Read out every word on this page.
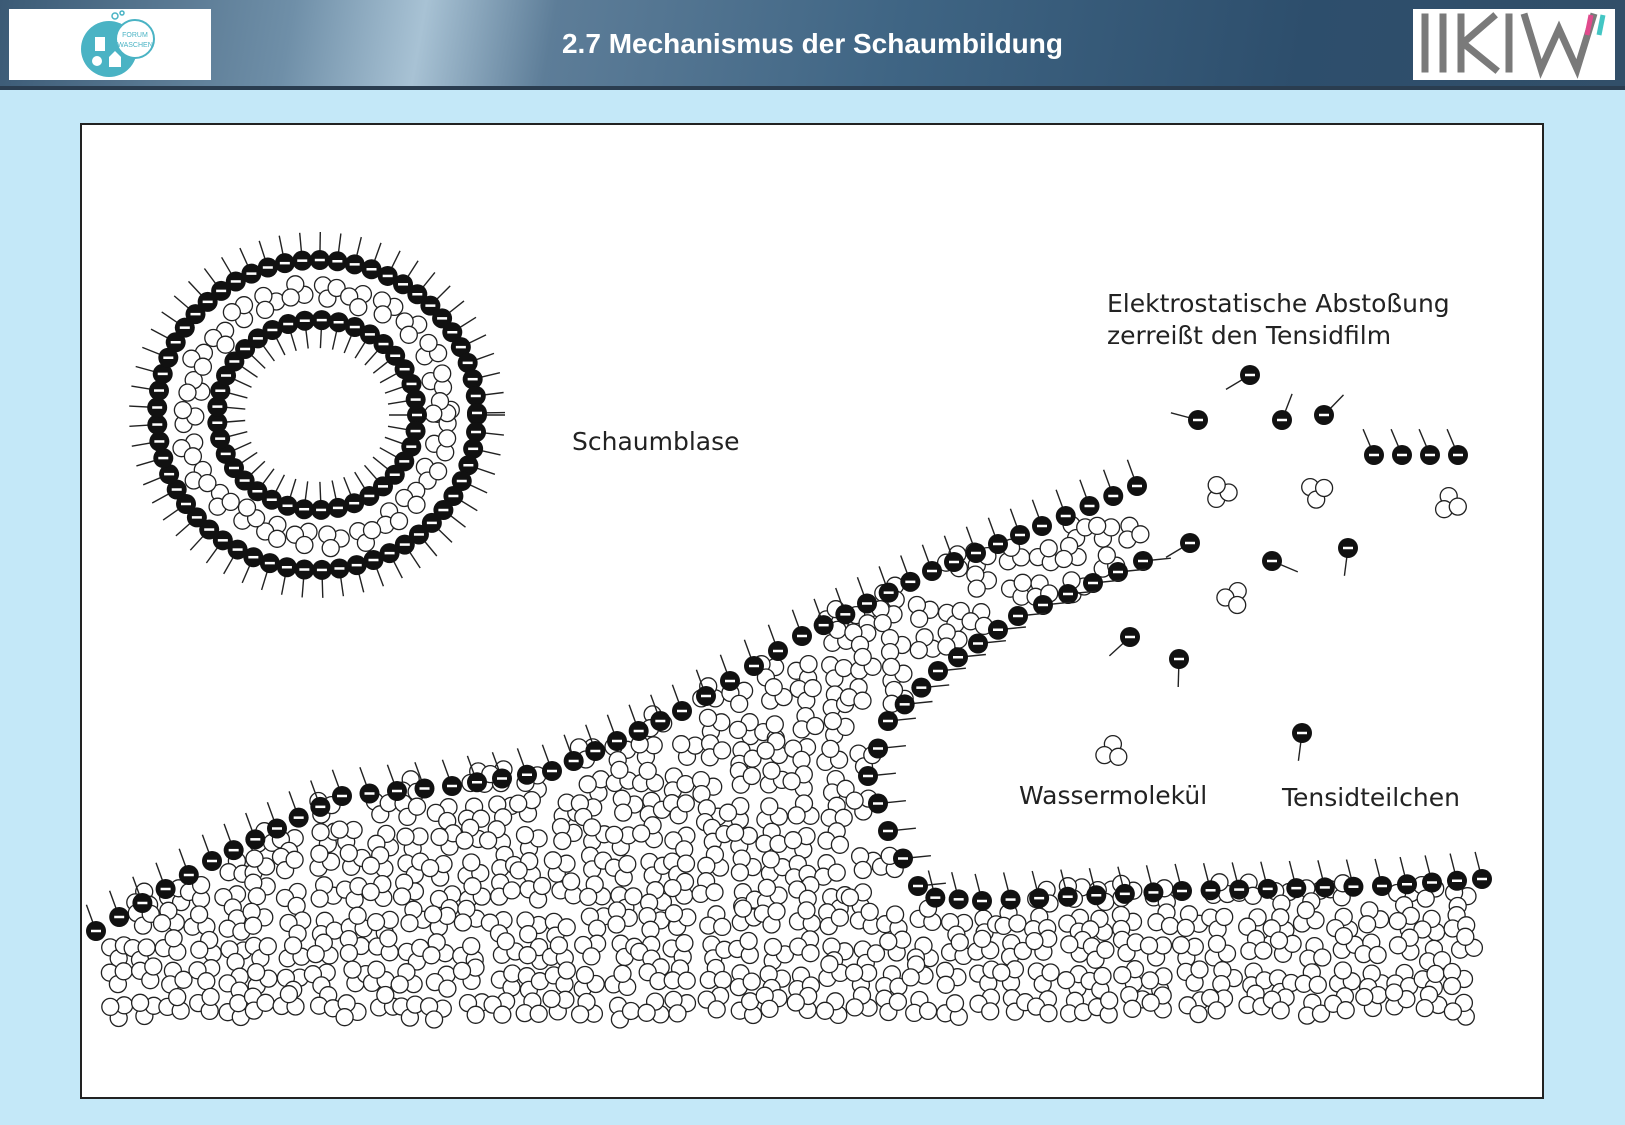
2.7 Mechanismus der Schaumbildung
FORUM
WASCHEN
Schaumblase
Elektrostatische Abstoßung
zerreißt den Tensidfilm
Wassermolekül	Tensidteilchen
